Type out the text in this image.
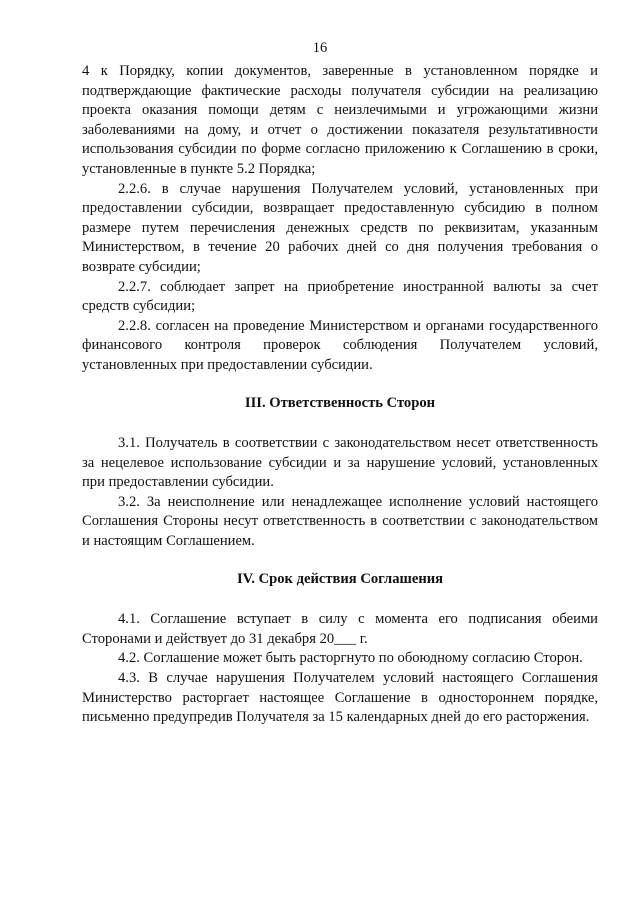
16

4 к Порядку, копии документов, заверенные в установленном порядке и подтверждающие фактические расходы получателя субсидии на реализацию проекта оказания помощи детям с неизлечимыми и угрожающими жизни заболеваниями на дому, и отчет о достижении показателя результативности использования субсидии по форме согласно приложению к Соглашению в сроки, установленные в пункте 5.2 Порядка;

2.2.6. в случае нарушения Получателем условий, установленных при предоставлении субсидии, возвращает предоставленную субсидию в полном размере путем перечисления денежных средств по реквизитам, указанным Министерством, в течение 20 рабочих дней со дня получения требования о возврате субсидии;

2.2.7. соблюдает запрет на приобретение иностранной валюты за счет средств субсидии;

2.2.8. согласен на проведение Министерством и органами государственного финансового контроля проверок соблюдения Получателем условий, установленных при предоставлении субсидии.

III. Ответственность Сторон

3.1. Получатель в соответствии с законодательством несет ответственность за нецелевое использование субсидии и за нарушение условий, установленных при предоставлении субсидии.

3.2. За неисполнение или ненадлежащее исполнение условий настоящего Соглашения Стороны несут ответственность в соответствии с законодательством и настоящим Соглашением.

IV. Срок действия Соглашения

4.1. Соглашение вступает в силу с момента его подписания обеими Сторонами и действует до 31 декабря 20___ г.

4.2. Соглашение может быть расторгнуто по обоюдному согласию Сторон.

4.3. В случае нарушения Получателем условий настоящего Соглашения Министерство расторгает настоящее Соглашение в одностороннем порядке, письменно предупредив Получателя за 15 календарных дней до его расторжения.
